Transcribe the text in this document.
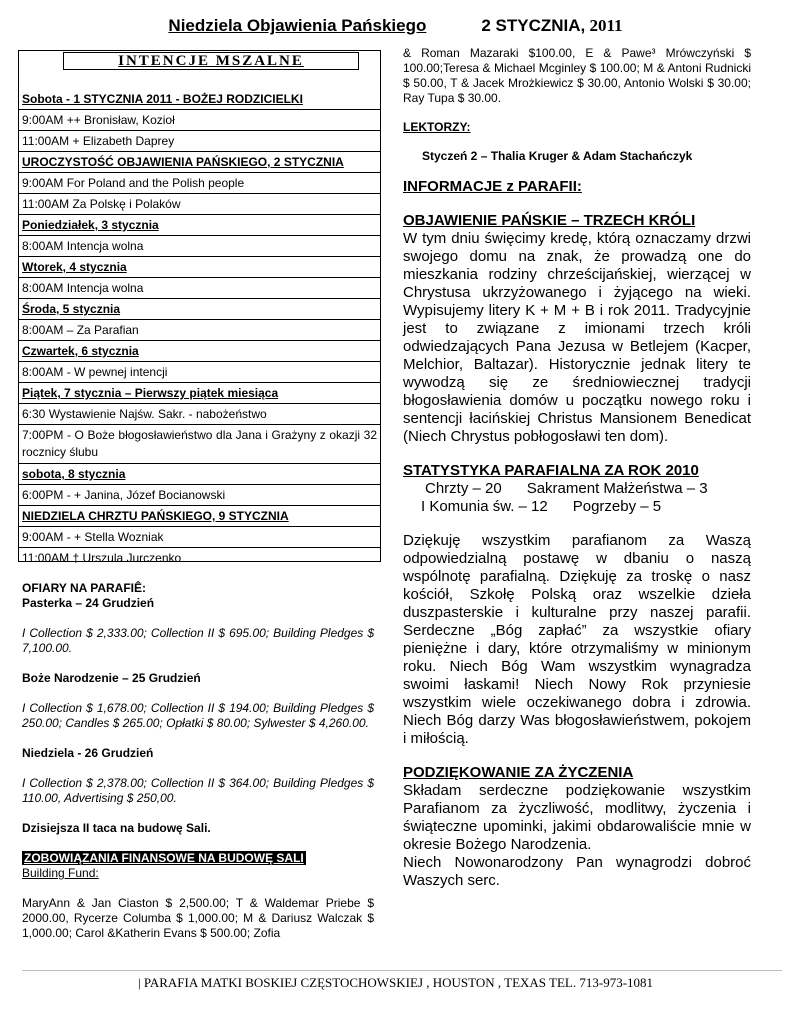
Niedziela Objawienia Pańskiego	2 STYCZNIA, 2011
INTENCJE MSZALNE
Sobota - 1 STYCZNIA 2011 - BOŻEJ RODZICIELKI
9:00AM ++ Bronisław, Kozioł
11:00AM + Elizabeth Daprey
UROCZYSTOŚĆ OBJAWIENIA PAŃSKIEGO, 2 STYCZNIA
9:00AM For Poland and the Polish people
11:00AM Za Polskę i Polaków
Poniedziałek, 3 stycznia
8:00AM Intencja wolna
Wtorek, 4 stycznia
8:00AM Intencja wolna
Środa, 5 stycznia
8:00AM – Za Parafian
Czwartek, 6 stycznia
8:00AM - W pewnej intencji
Piątek, 7 stycznia – Pierwszy piątek miesiąca
6:30 Wystawienie Najśw. Sakr. - nabożeństwo
7:00PM - O Boże błogosławieństwo dla Jana i Grażyny z okazji 32 rocznicy ślubu
sobota, 8 stycznia
6:00PM - + Janina, Józef Bocianowski
NIEDZIELA CHRZTU PAŃSKIEGO, 9 STYCZNIA
9:00AM - + Stella Wozniak
11:00AM † Urszula Jurczenko

OFIARY NA PARAFIÊ:

Pasterka – 24 Grudzień

I Collection $ 2,333.00; Collection II $ 695.00; Building Pledges $ 7,100.00.

Boże Narodzenie – 25 Grudzień

I Collection $ 1,678.00; Collection II $ 194.00; Building Pledges $ 250.00; Candles $ 265.00; Opłatki $ 80.00; Sylwester $ 4,260.00.

Niedziela - 26 Grudzień

I Collection $ 2,378.00; Collection II $ 364.00; Building Pledges $ 110.00, Advertising $ 250,00.

Dzisiejsza II taca na budowę Sali.

ZOBOWIĄZANIA FINANSOWE NA BUDOWĘ SALI

Building Fund:

MaryAnn & Jan Ciaston $ 2,500.00; T & Waldemar Priebe $ 2000.00, Rycerze Columba $ 1,000.00; M & Dariusz Walczak $ 1,000.00; Carol &Katherin Evans $ 500.00; Zofia

& Roman Mazaraki $100.00, E & Pawe³ Mrówczyński $ 100.00;Teresa & Michael Mcginley $ 100.00; M & Antoni Rudnicki $ 50.00, T & Jacek Mrożkiewicz $ 30.00, Antonio Wolski $ 30.00; Ray Tupa $ 30.00.

LEKTORZY:

Styczeń 2 – Thalia Kruger & Adam Stachańczyk

INFORMACJE z PARAFII:

OBJAWIENIE PAŃSKIE – TRZECH KRÓLI

W tym dniu święcimy kredę, którą oznaczamy drzwi swojego domu na znak, że prowadzą one do mieszkania rodziny chrześcijańskiej, wierzącej w Chrystusa ukrzyżowanego i żyjącego na wieki. Wypisujemy litery K + M + B i rok 2011. Tradycyjnie jest to związane z imionami trzech króli odwiedzających Pana Jezusa w Betlejem (Kacper, Melchior, Baltazar). Historycznie jednak litery te wywodzą się ze średniowiecznej tradycji błogosławienia domów u początku nowego roku i sentencji łacińskiej Christus Mansionem Benedicat (Niech Chrystus pobłogosławi ten dom).

STATYSTYKA PARAFIALNA ZA ROK 2010

Chrzty – 20      Sakrament Małżeństwa – 3

I Komunia św. – 12      Pogrzeby – 5

Dziękuję wszystkim parafianom za Waszą odpowiedzialną postawę w dbaniu o naszą wspólnotę parafialną. Dziękuję za troskę o nasz kościół, Szkołę Polską oraz wszelkie dzieła duszpasterskie i kulturalne przy naszej parafii. Serdeczne „Bóg zapłać” za wszystkie ofiary pieniężne i dary, które otrzymaliśmy w minionym roku. Niech Bóg Wam wszystkim wynagradza swoimi łaskami! Niech Nowy Rok przyniesie wszystkim wiele oczekiwanego dobra i zdrowia. Niech Bóg darzy Was błogosławieństwem, pokojem i miłością.

PODZIĘKOWANIE ZA ŻYCZENIA

Składam serdeczne podziękowanie wszystkim Parafianom za życzliwość, modlitwy, życzenia i świąteczne upominki, jakimi obdarowaliście mnie w okresie Bożego Narodzenia.

Niech Nowonarodzony Pan wynagrodzi dobroć Waszych serc.

| PARAFIA MATKI BOSKIEJ CZĘSTOCHOWSKIEJ , HOUSTON , TEXAS TEL. 713-973-1081
